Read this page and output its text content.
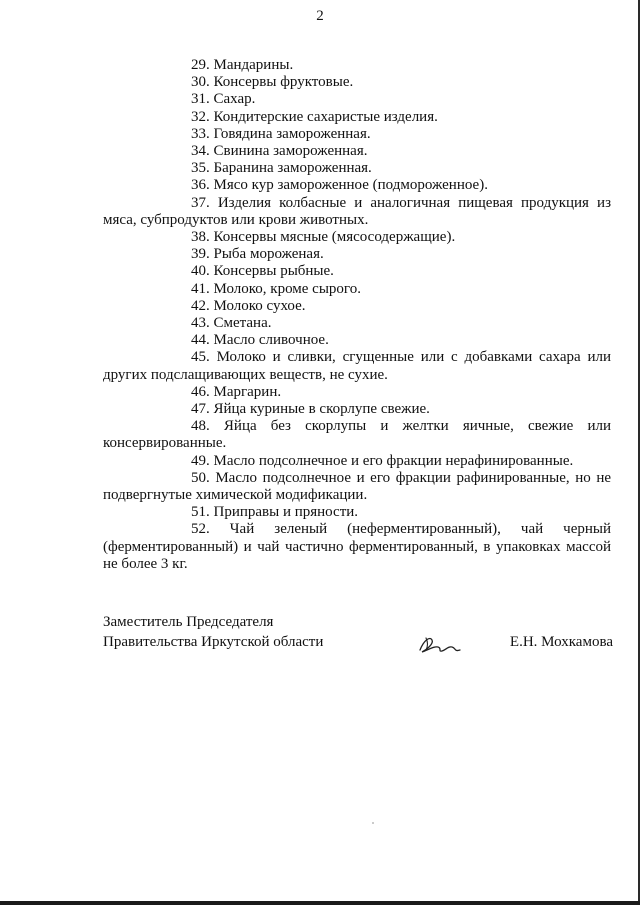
2

29. Мандарины.

30. Консервы фруктовые.

31. Сахар.

32. Кондитерские сахаристые изделия.

33. Говядина замороженная.

34. Свинина замороженная.

35. Баранина замороженная.

36. Мясо кур замороженное (подмороженное).

37. Изделия колбасные и аналогичная пищевая продукция из мяса, субпродуктов или крови животных.

38. Консервы мясные (мясосодержащие).

39. Рыба мороженая.

40. Консервы рыбные.

41. Молоко, кроме сырого.

42. Молоко сухое.

43. Сметана.

44. Масло сливочное.

45. Молоко и сливки, сгущенные или с добавками сахара или других подслащивающих веществ, не сухие.

46. Маргарин.

47. Яйца куриные в скорлупе свежие.

48. Яйца без скорлупы и желтки яичные, свежие или консервированные.

49. Масло подсолнечное и его фракции нерафинированные.

50. Масло подсолнечное и его фракции рафинированные, но не подвергнутые химической модификации.

51. Приправы и пряности.

52. Чай зеленый (неферментированный), чай черный (ферментированный) и чай частично ферментированный, в упаковках массой не более 3 кг.

Заместитель Председателя
Правительства Иркутской области	Е.Н. Мохкамова
